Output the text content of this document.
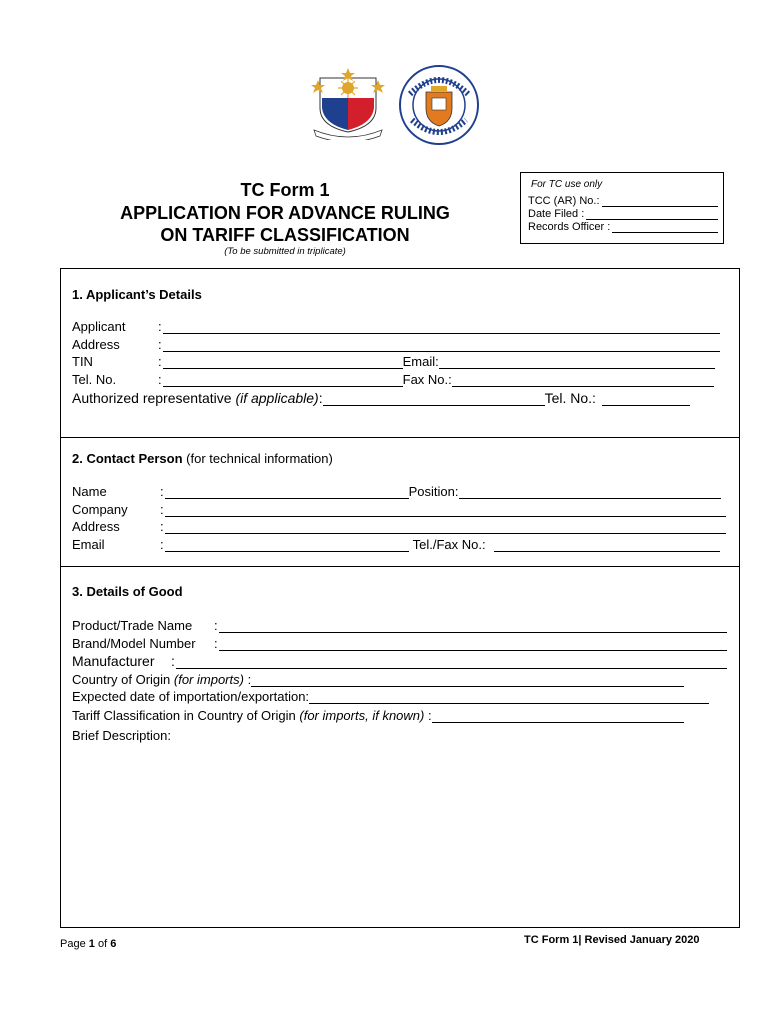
TC Form 1
APPLICATION FOR ADVANCE RULING
ON TARIFF CLASSIFICATION
(To be submitted in triplicate)
For TC use only
TCC (AR) No.:
Date Filed :
Records Officer :
1. Applicant’s Details
Applicant	:
Address	:
TIN	:	Email:
Tel. No.	:	Fax No.:
Authorized representative
(if applicable) :	Tel. No.:
2. Contact Person (for technical information)
Name	:	Position:
Company	:
Address	:
Email	:	Tel./Fax No.:
3. Details of Good
Product/Trade Name	:
Brand/Model Number	:
Manufacturer	:
Country of Origin
(for imports) :
Expected date of importation/exportation:
Tariff Classification in Country of Origin
(for imports, if known) :
Brief Description:
Page 1 of 6	TC Form 1| Revised January 2020
